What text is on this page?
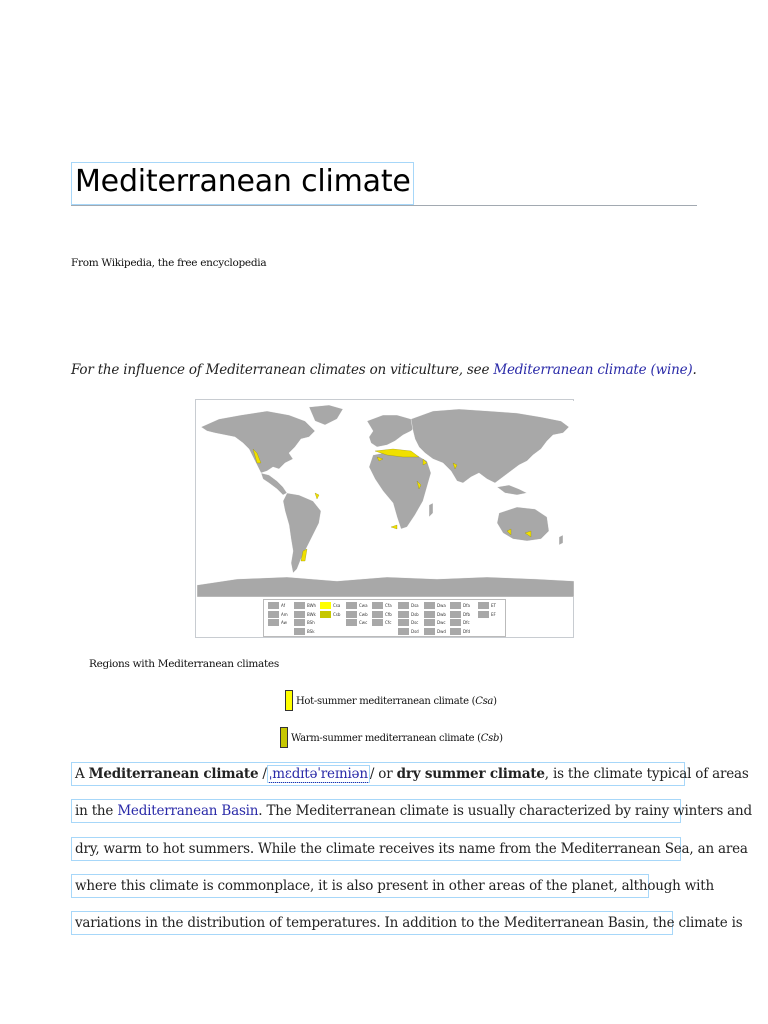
Mediterranean climate
From Wikipedia, the free encyclopedia
For the influence of Mediterranean climates on viticulture, see Mediterranean climate (wine).
Af
Am
Aw
BWh
BWk
BSh
BSk
Csa
Csb
Cwa
Cwb
Cwc
Cfa
Cfb
Cfc
Dsa
Dsb
Dsc
Dsd
Dwa
Dwb
Dwc
Dwd
Dfa
Dfb
Dfc
Dfd
ET
EF
Regions with Mediterranean climates
Hot-summer mediterranean climate (Csa)
Warm-summer mediterranean climate (Csb)
A Mediterranean climate / ˌmɛdɪtəˈreɪniən / or dry summer climate, is the climate typical of areas
in the Mediterranean Basin. The Mediterranean climate is usually characterized by rainy winters and
dry, warm to hot summers. While the climate receives its name from the Mediterranean Sea, an area
where this climate is commonplace, it is also present in other areas of the planet, although with
variations in the distribution of temperatures. In addition to the Mediterranean Basin, the climate is
